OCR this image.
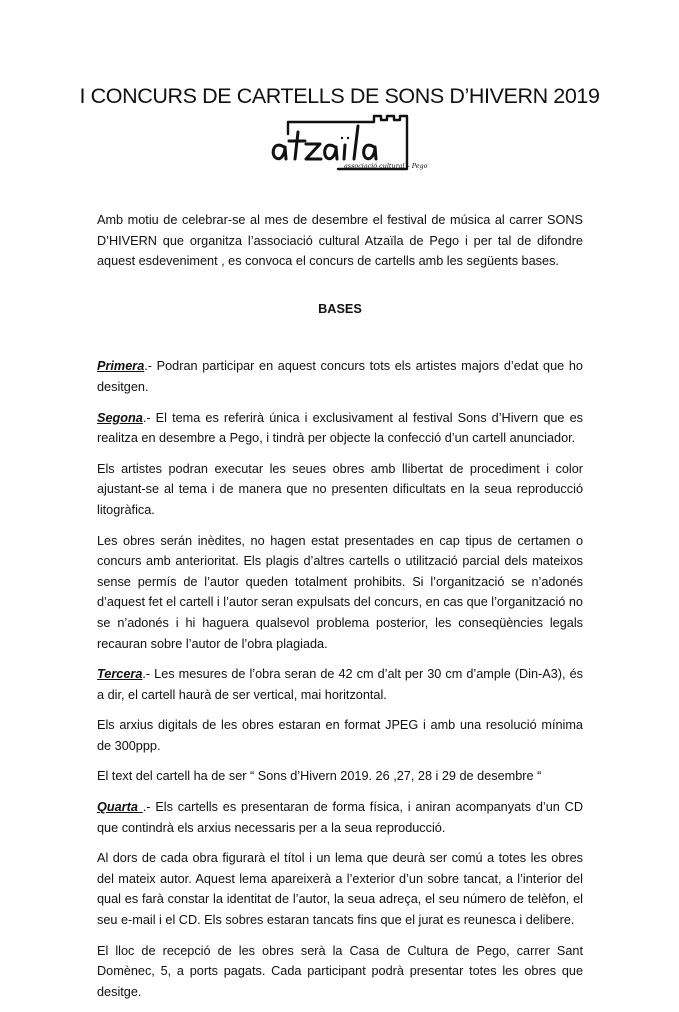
I CONCURS DE CARTELLS DE SONS D’HIVERN 2019
associació cultural – Pego

Amb motiu de celebrar-se al mes de desembre el festival de música al carrer SONS D’HIVERN que organitza l’associació cultural Atzaïla de Pego i per tal de difondre aquest esdeveniment , es convoca el concurs de cartells amb les següents bases.

BASES

Primera.- Podran participar en aquest concurs tots els artistes majors d’edat que ho desitgen.

Segona.- El tema es referirà única i exclusivament al festival Sons d’Hivern que es realitza en desembre a Pego, i tindrà per objecte la confecció d’un cartell anunciador.

Els artistes podran executar les seues obres amb llibertat de procediment i color ajustant-se al tema i de manera que no presenten dificultats en la seua reproducció litogràfica.

Les obres serán inèdites, no hagen estat presentades en cap tipus de certamen o concurs amb anterioritat. Els plagis d’altres cartells o utilització parcial dels mateixos sense permís de l’autor queden totalment prohibits. Si l’organització se n’adonés d’aquest fet el cartell i l’autor seran expulsats del concurs, en cas que l’organització no se n’adonés i hi haguera qualsevol problema posterior, les conseqüències legals recauran sobre l’autor de l’obra plagiada.

Tercera.- Les mesures de l’obra seran de 42 cm d’alt per 30 cm d’ample (Din-A3), és a dir, el cartell haurà de ser vertical, mai horitzontal.

Els arxius digitals de les obres estaran en format JPEG i amb una resolució mínima de 300ppp.

El text del cartell ha de ser “ Sons d’Hivern 2019. 26 ,27, 28 i 29 de desembre “

Quarta .- Els cartells es presentaran de forma física, i aniran acompanyats d’un CD que contindrà els arxius necessaris per a la seua reproducció.

Al dors de cada obra figurarà el títol i un lema que deurà ser comú a totes les obres del mateix autor. Aquest lema apareixerà a l’exterior d’un sobre tancat, a l’interior del qual es farà constar la identitat de l’autor, la seua adreça, el seu número de telèfon, el seu e-mail i el CD. Els sobres estaran tancats fins que el jurat es reunesca i delibere.

El lloc de recepció de les obres serà la Casa de Cultura de Pego, carrer Sant Domènec, 5, a ports pagats. Cada participant podrà presentar totes les obres que desitge.
